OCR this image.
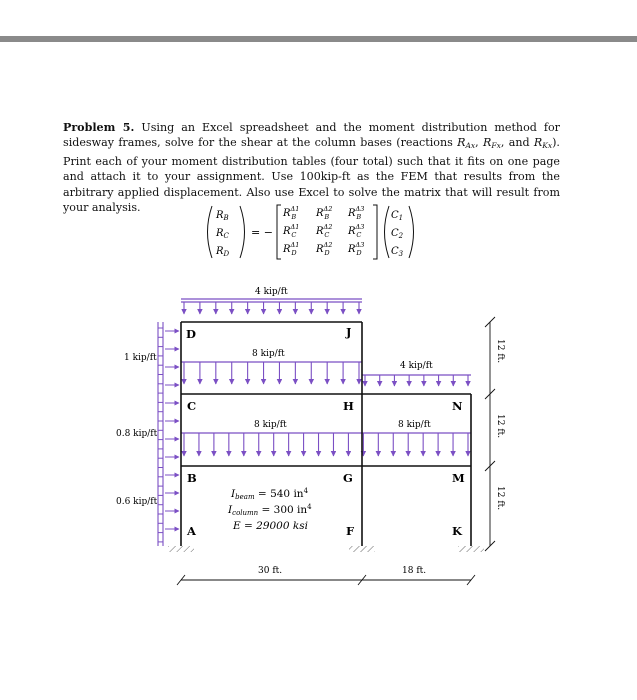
Problem 5. Using an Excel spreadsheet and the moment distribution method for sidesway frames, solve for the shear at the column bases (reactions $R_{Ax}$, $R_{Fx}$, and $R_{Kx}$). Print each of your moment distribution tables (four total) such that it fits on one page and attach it to your assignment. Use 100kip-ft as the FEM that results from the arbitrary applied displacement. Also use Excel to solve the matrix that will result from your analysis.
$R_B$
$R_C$
$R_D$
= −
$R^{\Delta 1}$ B	$R^{\Delta 2}$ B	$R^{\Delta 3}$ B
$R^{\Delta 1}$ C	$R^{\Delta 2}$ C	$R^{\Delta 3}$ C
$R^{\Delta 1}$ D $R^{\Delta 2}$ D $R^{\Delta 3}$ D
$C_1$
$C_2$
$C_3$
4 kip/ft
8 kip/ft
4 kip/ft
8 kip/ft	8 kip/ft
1 kip/ft
0.8 kip/ft
0.6 kip/ft
D	J
C	H	N
B	G	M
A	F	K
Ibeam = 540 $in^4$
Icolumn = 300 $in^4$
E = 29000 ksi
12 ft.
12 ft.
12 ft.
30 ft.	18 ft.
